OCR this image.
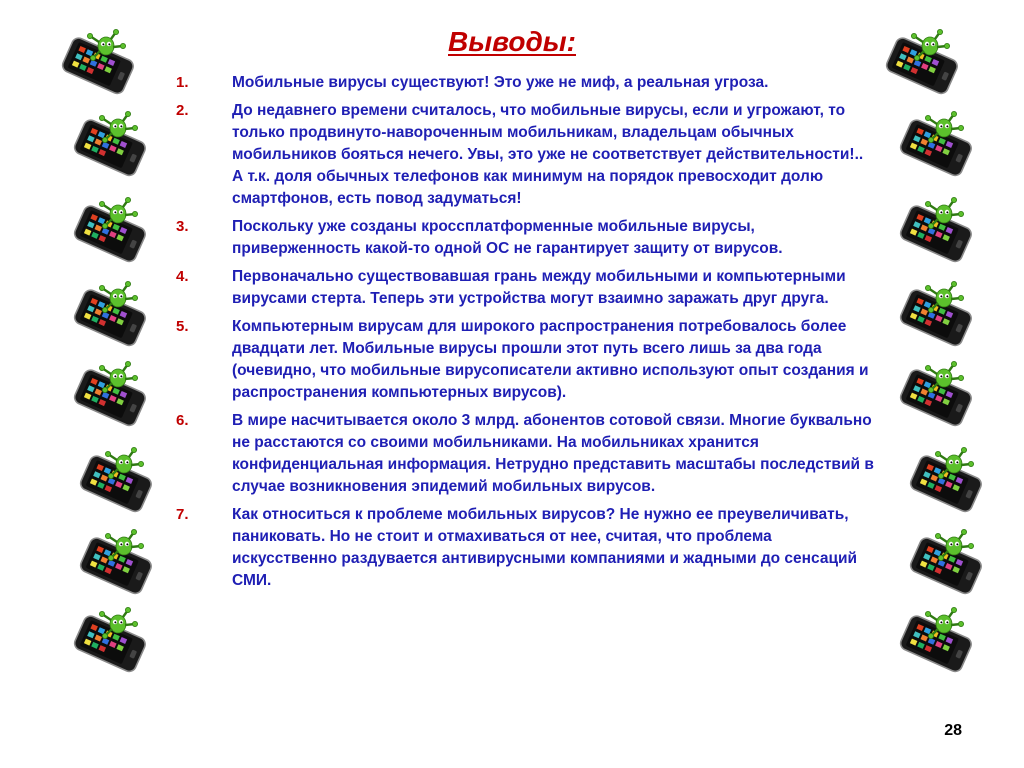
Выводы:
1.	Мобильные вирусы существуют! Это уже не миф, а реальная угроза.
2.	До недавнего времени считалось, что мобильные вирусы, если и угрожают, то только продвинуто-навороченным мобильникам, владельцам обычных мобильников бояться нечего. Увы, это уже не соответствует действительности!.. А т.к. доля обычных телефонов как минимум на порядок превосходит долю смартфонов, есть повод задуматься!
3.	Поскольку уже созданы кроссплатформенные мобильные вирусы, приверженность какой-то одной ОС не гарантирует защиту от вирусов.
4.	Первоначально существовавшая грань между мобильными и компьютерными вирусами стерта. Теперь эти устройства могут взаимно заражать друг друга.
5.	Компьютерным вирусам для широкого распространения потребовалось более двадцати лет. Мобильные вирусы прошли этот путь всего лишь за два года (очевидно, что мобильные вирусописатели активно используют опыт создания и распространения компьютерных вирусов).
6.	В мире насчитывается около 3 млрд. абонентов сотовой связи. Многие буквально не расстаются со своими мобильниками. На мобильниках хранится конфиденциальная информация. Нетрудно представить масштабы последствий в случае возникновения эпидемий мобильных вирусов.
7.	Как относиться к проблеме мобильных вирусов? Не нужно ее преувеличивать, паниковать. Но не стоит и отмахиваться от нее, считая, что проблема искусственно раздувается антивирусными компаниями и жадными до сенсаций СМИ.
28
